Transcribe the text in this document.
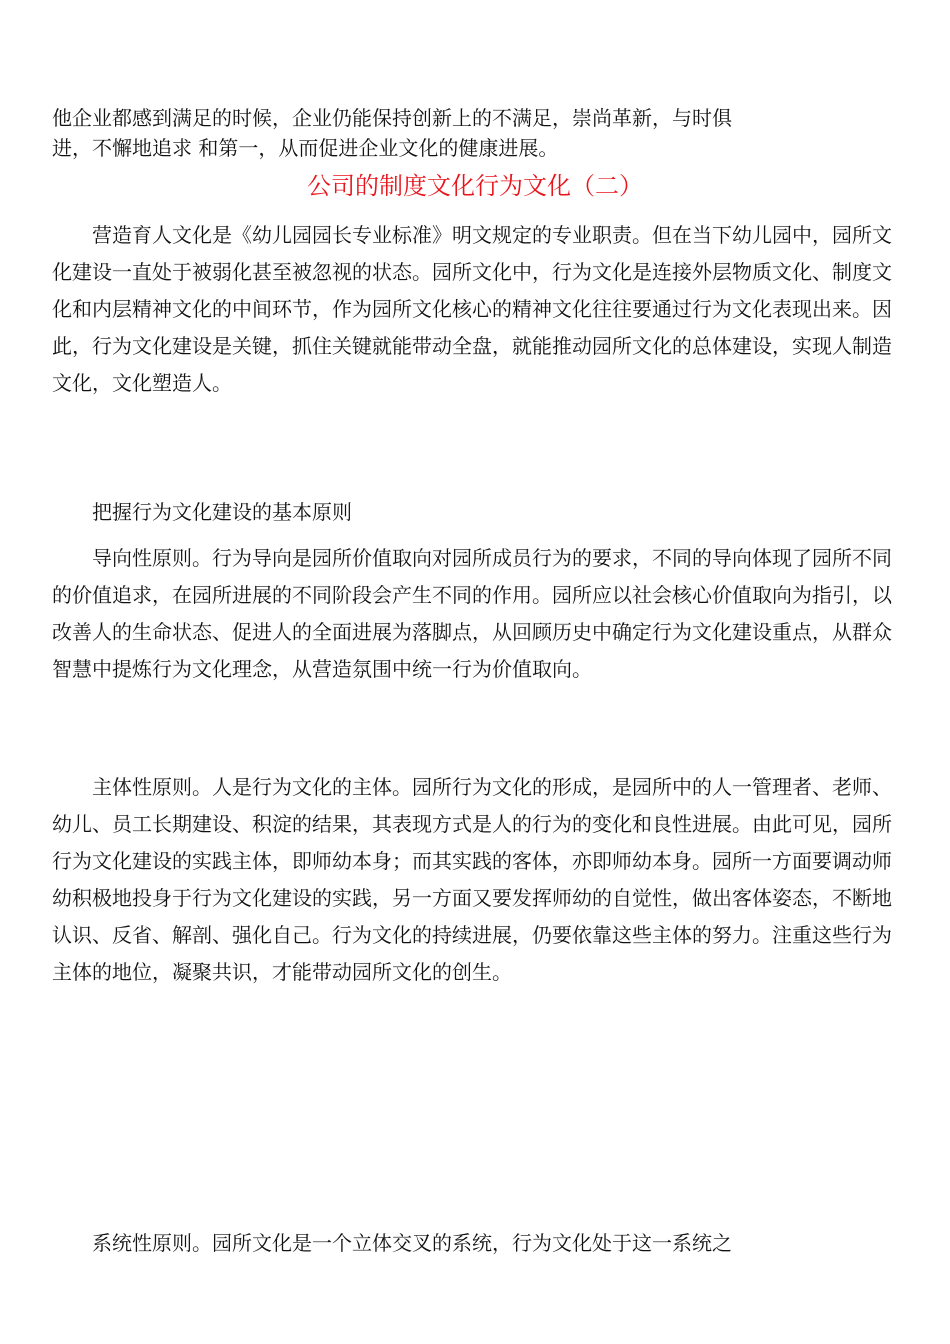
他企业都感到满足的时候，企业仍能保持创新上的不满足，崇尚革新，与时俱

进，不懈地追求 和第一，从而促进企业文化的健康进展。

公司的制度文化行为文化（二）

营造育人文化是《幼儿园园长专业标准》明文规定的专业职责。但在当下幼儿园中，园所文化建设一直处于被弱化甚至被忽视的状态。园所文化中，行为文化是连接外层物质文化、制度文化和内层精神文化的中间环节，作为园所文化核心的精神文化往往要通过行为文化表现出来。因此，行为文化建设是关键，抓住关键就能带动全盘，就能推动园所文化的总体建设，实现人制造文化，文化塑造人。

把握行为文化建设的基本原则

导向性原则。行为导向是园所价值取向对园所成员行为的要求，不同的导向体现了园所不同的价值追求，在园所进展的不同阶段会产生不同的作用。园所应以社会核心价值取向为指引，以改善人的生命状态、促进人的全面进展为落脚点，从回顾历史中确定行为文化建设重点，从群众智慧中提炼行为文化理念，从营造氛围中统一行为价值取向。

主体性原则。人是行为文化的主体。园所行为文化的形成，是园所中的人一管理者、老师、幼儿、员工长期建设、积淀的结果，其表现方式是人的行为的变化和良性进展。由此可见，园所行为文化建设的实践主体，即师幼本身；而其实践的客体，亦即师幼本身。园所一方面要调动师幼积极地投身于行为文化建设的实践，另一方面又要发挥师幼的自觉性，做出客体姿态，不断地认识、反省、解剖、强化自己。行为文化的持续进展，仍要依靠这些主体的努力。注重这些行为主体的地位，凝聚共识，才能带动园所文化的创生。

系统性原则。园所文化是一个立体交叉的系统，行为文化处于这一系统之
